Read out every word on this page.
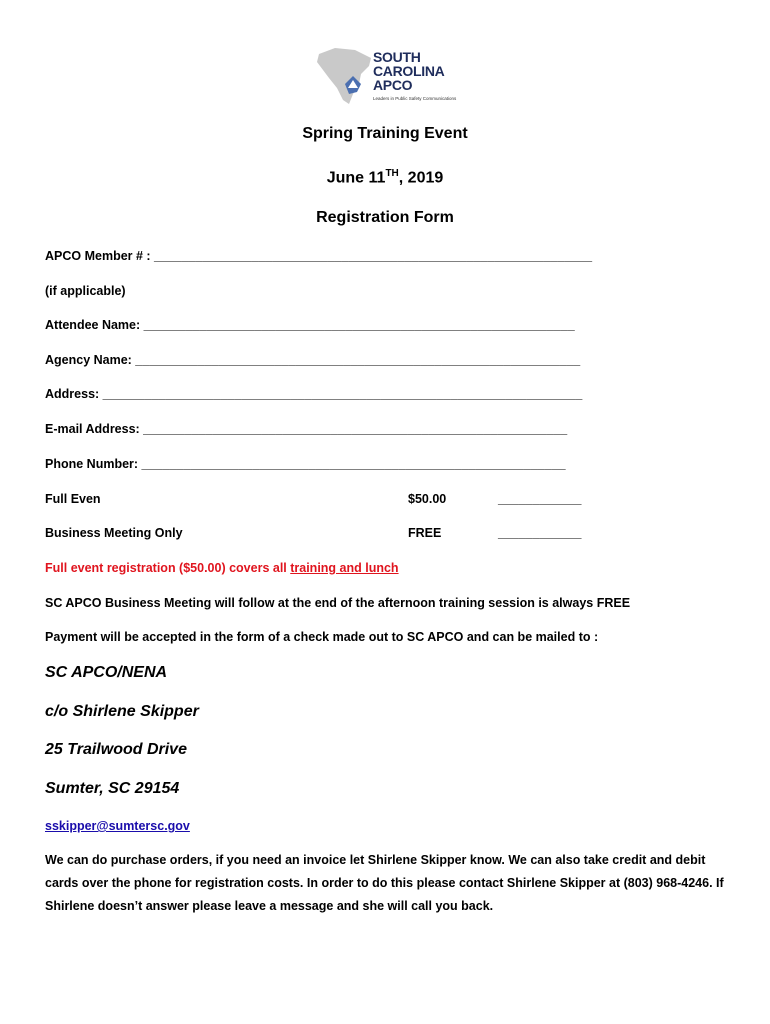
SOUTH
CAROLINA
APCO
Leaders in Public Safety Communications
Spring Training Event
June 11TH, 2019
Registration Form
APCO Member # : _______________________________________________________________
(if applicable)
Attendee Name: ______________________________________________________________
Agency Name: ________________________________________________________________
Address: _____________________________________________________________________
E-mail Address: _____________________________________________________________
Phone Number: _____________________________________________________________
Full Even	$50.00	____________
Business Meeting Only	FREE	____________
Full event registration ($50.00) covers all training and lunch
SC APCO Business Meeting will follow at the end of the afternoon training session is always FREE
Payment will be accepted in the form of a check made out to SC APCO and can be mailed to :
SC APCO/NENA
c/o Shirlene Skipper
25 Trailwood Drive
Sumter, SC 29154
sskipper@sumtersc.gov
We can do purchase orders, if you need an invoice let Shirlene Skipper know. We can also take credit and debit cards over the phone for registration costs. In order to do this please contact Shirlene Skipper at (803) 968-4246. If Shirlene doesn’t answer please leave a message and she will call you back.
